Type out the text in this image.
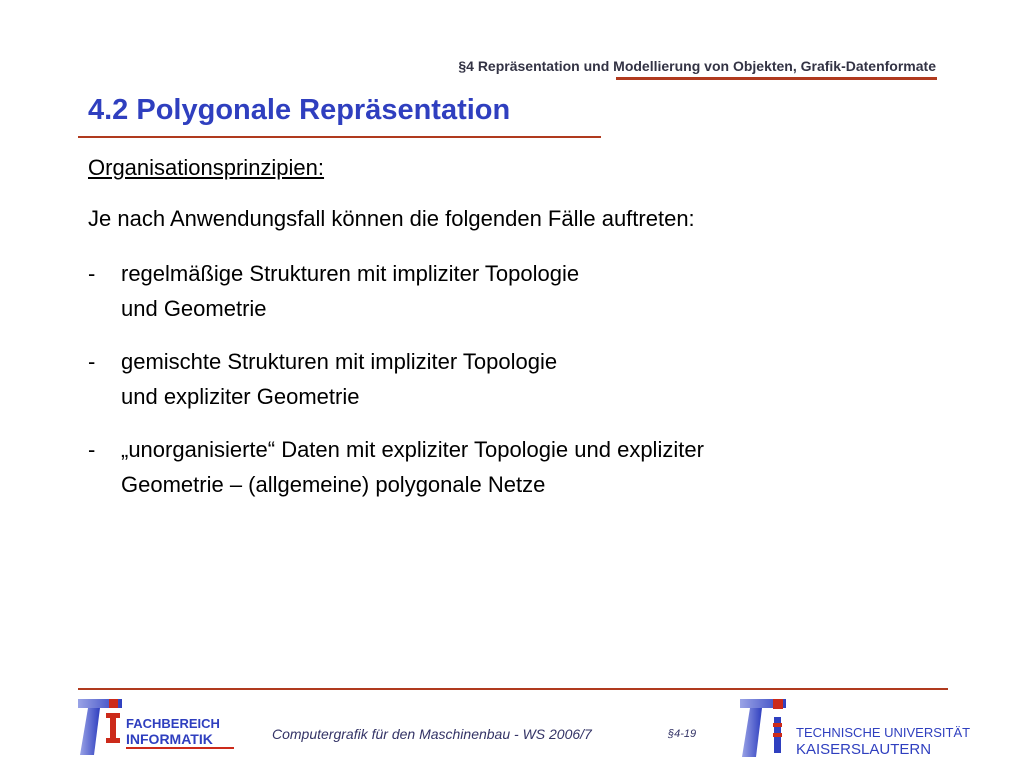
§4 Repräsentation und Modellierung von Objekten, Grafik-Datenformate
4.2 Polygonale Repräsentation
Organisationsprinzipien:
Je nach Anwendungsfall können die folgenden Fälle auftreten:
-	regelmäßige Strukturen mit impliziter Topologie
und Geometrie
-	gemischte Strukturen mit impliziter Topologie
und expliziter Geometrie
-	„unorganisierte“ Daten mit expliziter Topologie und expliziter
Geometrie – (allgemeine) polygonale Netze
FACHBEREICH
INFORMATIK	Computergrafik für den Maschinenbau - WS 2006/7	§4-19	TECHNISCHE UNIVERSITÄT
KAISERSLAUTERN
